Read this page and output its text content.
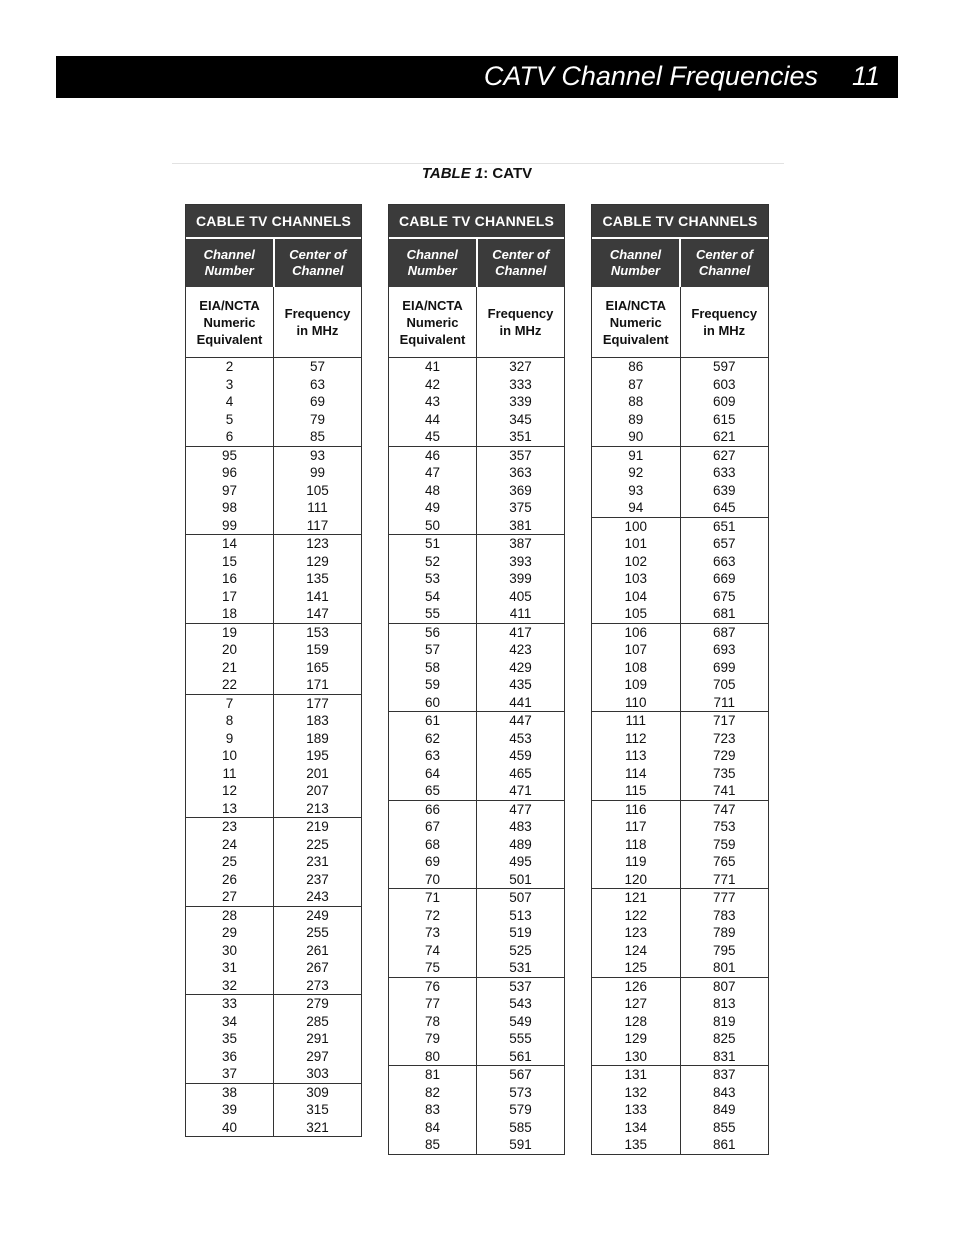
CATV Channel Frequencies 11
TABLE 1: CATV
CABLE TV CHANNELS
Channel
Number
Center of
Channel
EIA/NCTA
Numeric
Equivalent
Frequency
in MHz
2
3
4
5
6
57
63
69
79
85
95
96
97
98
99
93
99
105
111
117
14
15
16
17
18
123
129
135
141
147
19
20
21
22
153
159
165
171
7
8
9
10
11
12
13
177
183
189
195
201
207
213
23
24
25
26
27
219
225
231
237
243
28
29
30
31
32
249
255
261
267
273
33
34
35
36
37
279
285
291
297
303
38
39
40
309
315
321
CABLE TV CHANNELS
Channel
Number
Center of
Channel
EIA/NCTA
Numeric
Equivalent
Frequency
in MHz
41
42
43
44
45
327
333
339
345
351
46
47
48
49
50
357
363
369
375
381
51
52
53
54
55
387
393
399
405
411
56
57
58
59
60
417
423
429
435
441
61
62
63
64
65
447
453
459
465
471
66
67
68
69
70
477
483
489
495
501
71
72
73
74
75
507
513
519
525
531
76
77
78
79
80
537
543
549
555
561
81
82
83
84
85
567
573
579
585
591
CABLE TV CHANNELS
Channel
Number
Center of
Channel
EIA/NCTA
Numeric
Equivalent
Frequency
in MHz
86
87
88
89
90
597
603
609
615
621
91
92
93
94
627
633
639
645
100
101
102
103
104
105
651
657
663
669
675
681
106
107
108
109
110
687
693
699
705
711
111
112
113
114
115
717
723
729
735
741
116
117
118
119
120
747
753
759
765
771
121
122
123
124
125
777
783
789
795
801
126
127
128
129
130
807
813
819
825
831
131
132
133
134
135
837
843
849
855
861
